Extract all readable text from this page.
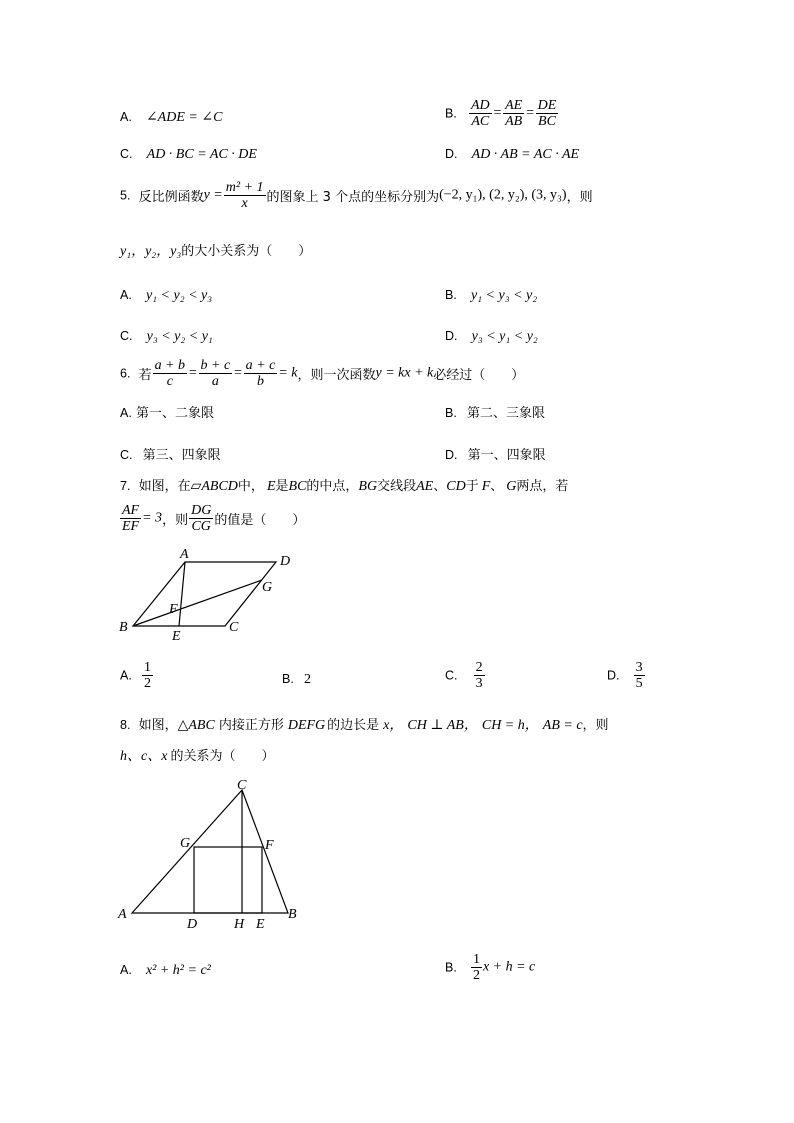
A. ∠ADE = ∠C	B. $\frac{AD}{AC} = \frac{AE}{AB} = \frac{DE}{BC}$
C. AD · BC = AC · DE	D. AD · AB = AC · AE
5. 反比例函数$y = \frac{\text{m² + 1}}{x}$ 的图象上 3 个点的坐标分别为(−2, y₁), (2, y₂), (3, y₃)，则
y₁，y₂，y₃的大小关系为（　　）
A. y₁ < y₂ < y₃	B. y₁ < y₃ < y₂
C. y₃ < y₂ < y₁	D. y₃ < y₁ < y₂
6. 若 $\frac{a + b}{c} = \frac{b + c}{a} = \frac{a + c}{b} = k$，则一次函数y = kx + k必经过（　　）
A. 第一、二象限	B. 第二、三象限
C. 第三、四象限	D. 第一、四象限
7. 如图，在▱ABCD中， E是BC的中点，BG交线段AE、CD于 F、 G两点，若
$\frac{AF}{EF} = 3$，则 $\frac{DG}{CG}$ 的值是（　　）
A	D
G
F
B
E
C
A. $\frac{1}{2}$	B. 2	C. $\frac{2}{3}$	D. $\frac{3}{5}$
8. 如图，△ABC 内接正方形 DEFG 的边长是 x， CH ⊥ AB， CH = h， AB = c，则
h、c、x 的关系为（　　）
C
G	F
A
D	H E
B
A. x² + h² = c²	B. $\frac{1}{2}$ x + h = c
